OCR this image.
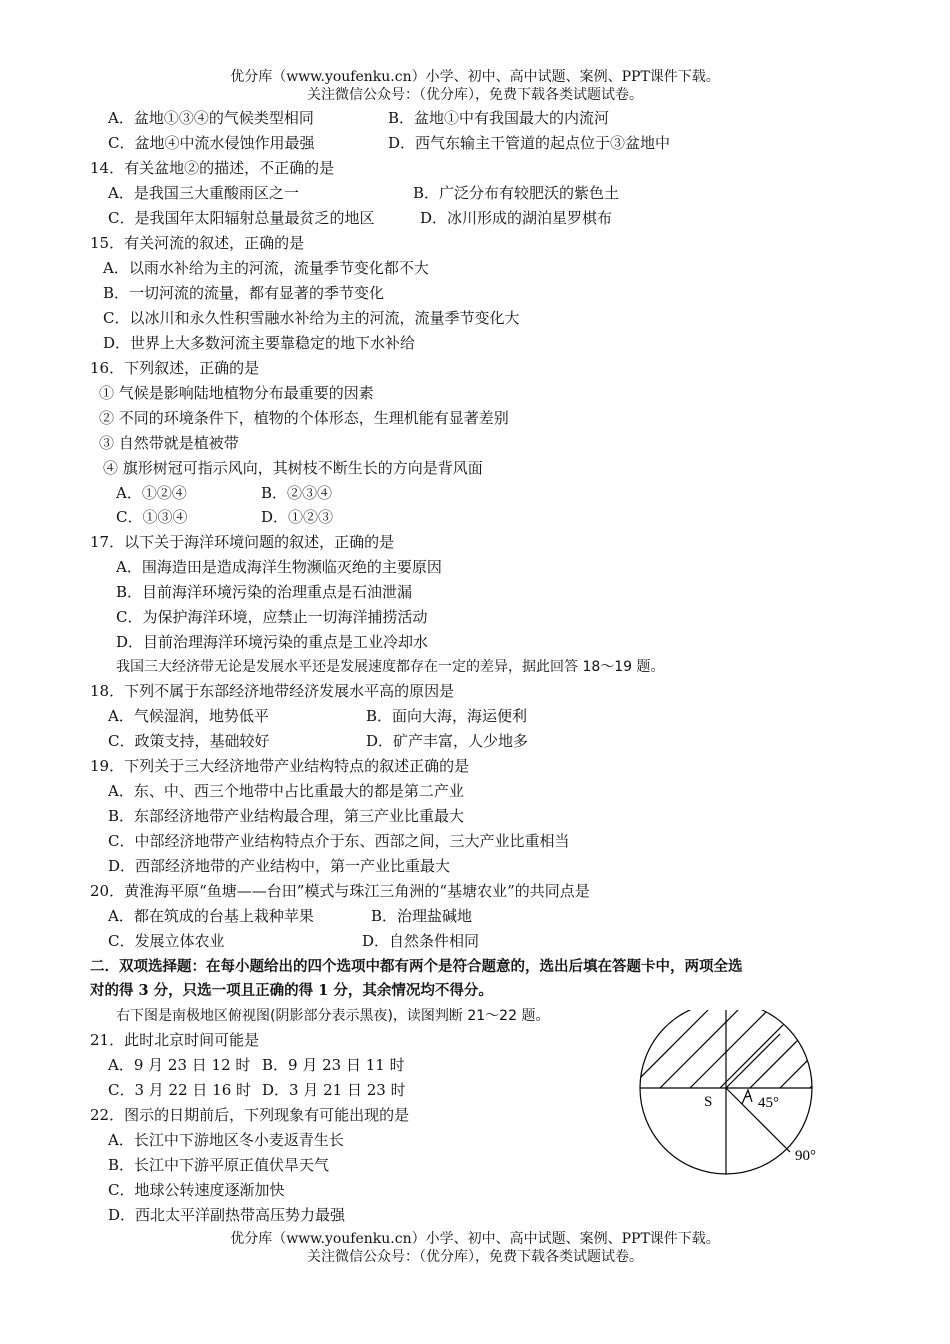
优分库（www.youfenku.cn）小学、初中、高中试题、案例、PPT课件下载。
关注微信公众号：（优分库），免费下载各类试题试卷。
A．盆地①③④的气候类型相同	B．盆地①中有我国最大的内流河
C．盆地④中流水侵蚀作用最强	D．西气东输主干管道的起点位于③盆地中
14．有关盆地②的描述，不正确的是
A．是我国三大重酸雨区之一	B．广泛分布有较肥沃的紫色土
C．是我国年太阳辐射总量最贫乏的地区	D．冰川形成的湖泊星罗棋布
15．有关河流的叙述，正确的是
A．以雨水补给为主的河流，流量季节变化都不大
B．一切河流的流量，都有显著的季节变化
C．以冰川和永久性积雪融水补给为主的河流，流量季节变化大
D．世界上大多数河流主要靠稳定的地下水补给
16．下列叙述，正确的是
① 气候是影响陆地植物分布最重要的因素
② 不同的环境条件下，植物的个体形态，生理机能有显著差别
③ 自然带就是植被带
④ 旗形树冠可指示风向，其树枝不断生长的方向是背风面
A．①②④	B．②③④
C．①③④	D．①②③
17．以下关于海洋环境问题的叙述，正确的是
A．围海造田是造成海洋生物濒临灭绝的主要原因
B．目前海洋环境污染的治理重点是石油泄漏
C．为保护海洋环境，应禁止一切海洋捕捞活动
D．目前治理海洋环境污染的重点是工业冷却水
我国三大经济带无论是发展水平还是发展速度都存在一定的差异，据此回答 18～19 题。
18．下列不属于东部经济地带经济发展水平高的原因是
A．气候湿润，地势低平	B．面向大海，海运便利
C．政策支持，基础较好	D．矿产丰富，人少地多
19．下列关于三大经济地带产业结构特点的叙述正确的是
A．东、中、西三个地带中占比重最大的都是第二产业
B．东部经济地带产业结构最合理，第三产业比重最大
C．中部经济地带产业结构特点介于东、西部之间，三大产业比重相当
D．西部经济地带的产业结构中，第一产业比重最大
20．黄淮海平原“鱼塘——台田”模式与珠江三角洲的“基塘农业”的共同点是
A．都在筑成的台基上栽种苹果	B．治理盐碱地
C．发展立体农业	D．自然条件相同
二．双项选择题：在每小题给出的四个选项中都有两个是符合题意的，选出后填在答题卡中，两项全选
对的得 3 分，只选一项且正确的得 1 分，其余情况均不得分。
右下图是南极地区俯视图(阴影部分表示黑夜)，读图判断 21～22 题。
21．此时北京时间可能是
A．9 月 23 日 12 时 B．9 月 23 日 11 时
C．3 月 22 日 16 时 D．3 月 21 日 23 时
22．图示的日期前后，下列现象有可能出现的是
A．长江中下游地区冬小麦返青生长
B．长江中下游平原正值伏旱天气
C．地球公转速度逐渐加快
D．西北太平洋副热带高压势力最强
S	45°
90°
优分库（www.youfenku.cn）小学、初中、高中试题、案例、PPT课件下载。
关注微信公众号：（优分库），免费下载各类试题试卷。
